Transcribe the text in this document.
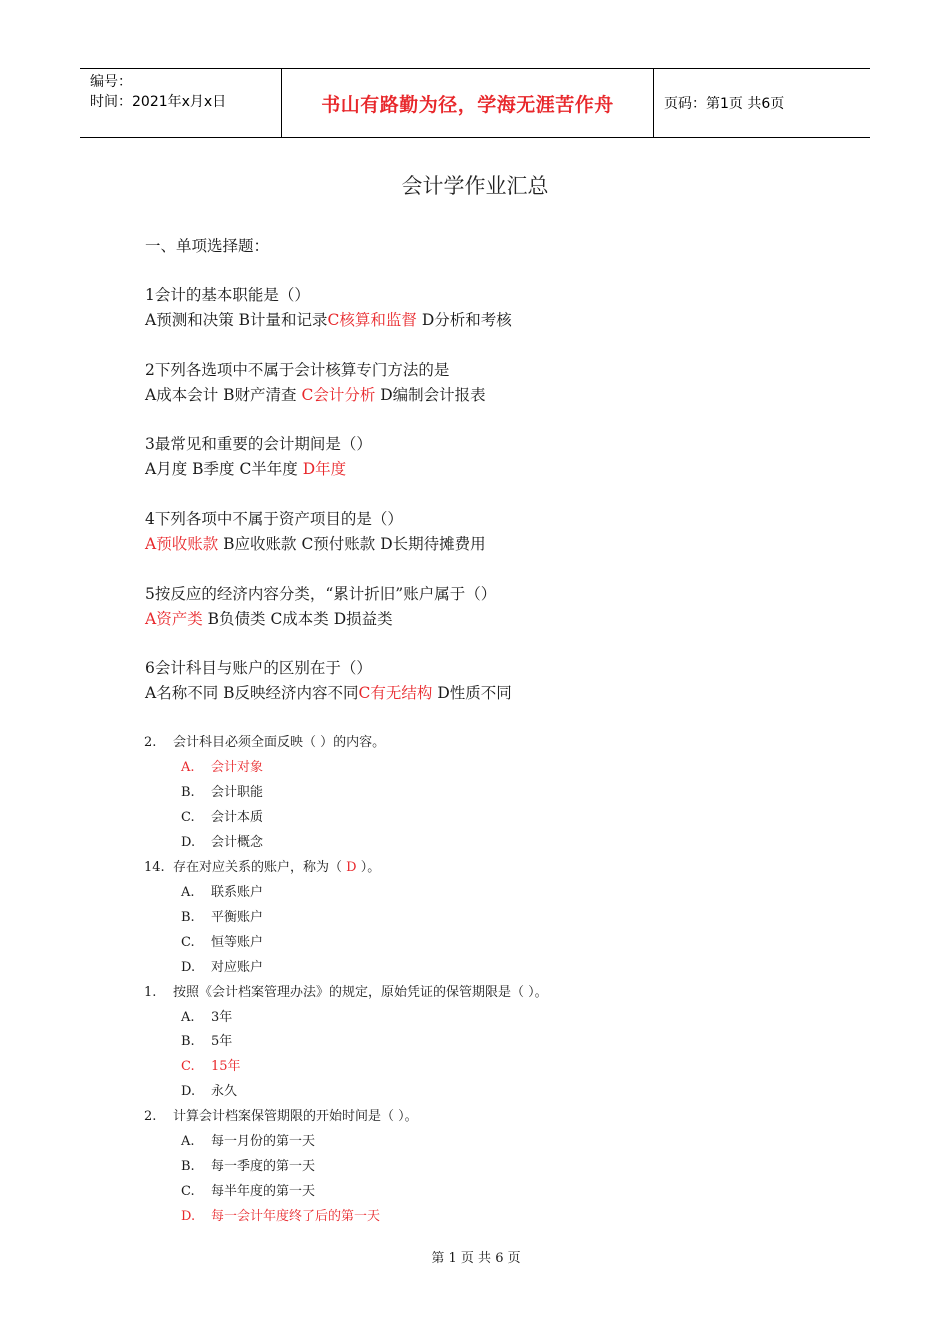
编号：
时间：2021年x月x日	书山有路勤为径，学海无涯苦作舟	页码：第1页 共6页
会计学作业汇总
一、单项选择题：
1会计的基本职能是（）
A预测和决策 B计量和记录C核算和监督 D分析和考核
2下列各选项中不属于会计核算专门方法的是
A成本会计 B财产清查 C会计分析 D编制会计报表
3最常见和重要的会计期间是（）
A月度 B季度 C半年度 D年度
4下列各项中不属于资产项目的是（）
A预收账款 B应收账款 C预付账款 D长期待摊费用
5按反应的经济内容分类，“累计折旧”账户属于（）
A资产类 B负债类 C成本类 D损益类
6会计科目与账户的区别在于（）
A名称不同 B反映经济内容不同C有无结构 D性质不同
2. 会计科目必须全面反映（ ）的内容。
A. 会计对象
B. 会计职能
C. 会计本质
D. 会计概念
14. 存在对应关系的账户，称为（ D ）。
A. 联系账户
B. 平衡账户
C. 恒等账户
D. 对应账户
1. 按照《会计档案管理办法》的规定，原始凭证的保管期限是（ ）。
A. 3年
B. 5年
C. 15年
D. 永久
2. 计算会计档案保管期限的开始时间是（ ）。
A. 每一月份的第一天
B. 每一季度的第一天
C. 每半年度的第一天
D. 每一会计年度终了后的第一天
第 1 页 共 6 页
